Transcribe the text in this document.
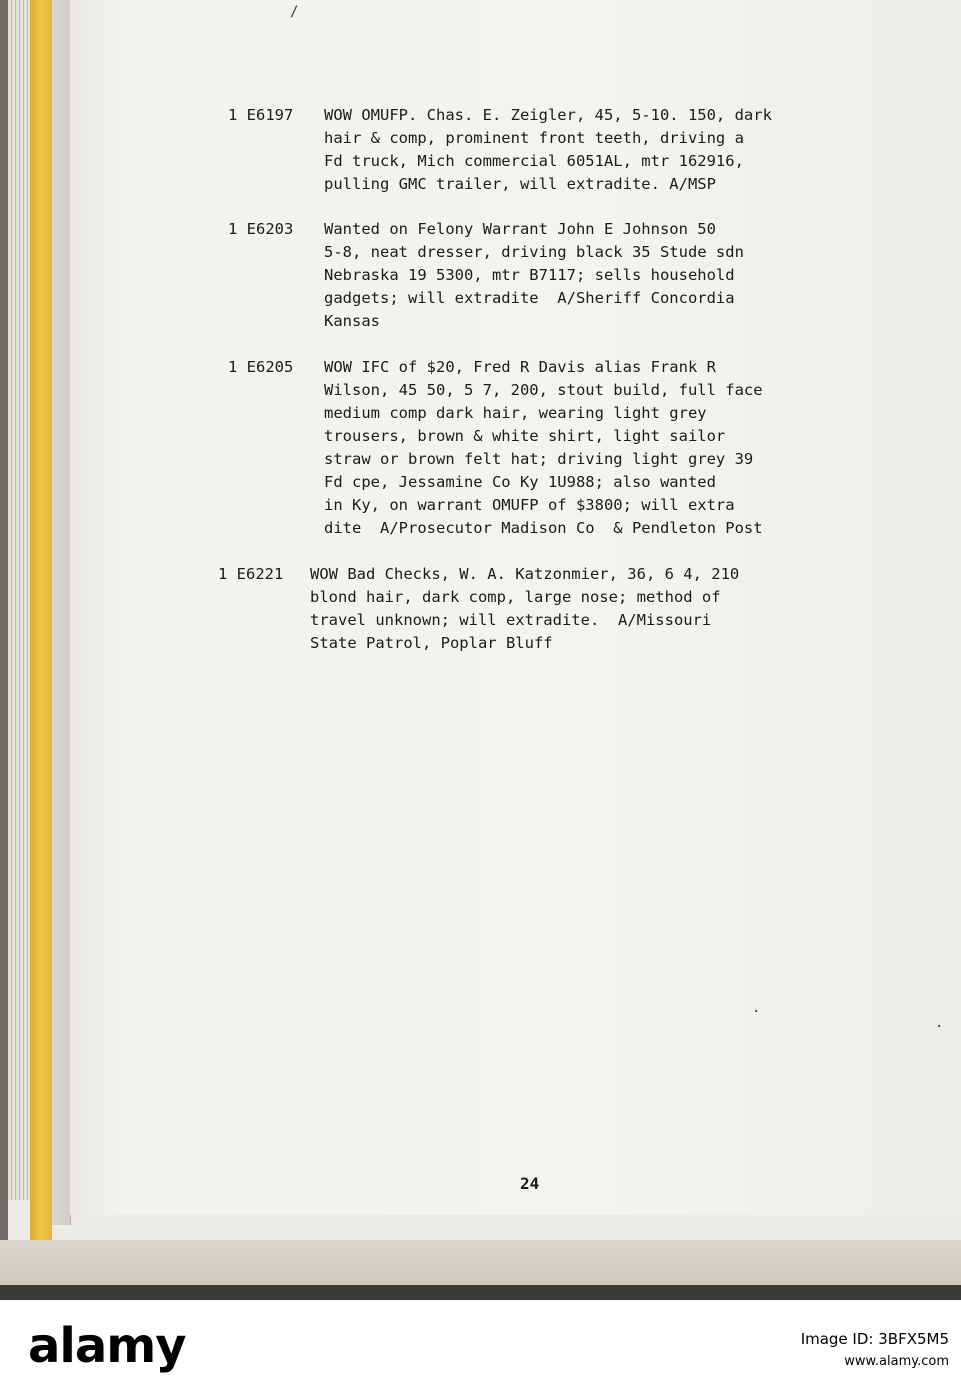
/
.
·
1 E6197 WOW OMUFP. Chas. E. Zeigler, 45, 5-10. 150, dark
hair & comp, prominent front teeth, driving a
Fd truck, Mich commercial 6051AL, mtr 162916,
pulling GMC trailer, will extradite. A/MSP
1 E6203 Wanted on Felony Warrant John E Johnson 50
5-8, neat dresser, driving black 35 Stude sdn
Nebraska 19 5300, mtr B7117; sells household
gadgets; will extradite  A/Sheriff Concordia
Kansas
1 E6205 WOW IFC of $20, Fred R Davis alias Frank R
Wilson, 45 50, 5 7, 200, stout build, full face
medium comp dark hair, wearing light grey
trousers, brown & white shirt, light sailor
straw or brown felt hat; driving light grey 39
Fd cpe, Jessamine Co Ky 1U988; also wanted
in Ky, on warrant OMUFP of $3800; will extra
dite  A/Prosecutor Madison Co  & Pendleton Post
1 E6221 WOW Bad Checks, W. A. Katzonmier, 36, 6 4, 210
blond hair, dark comp, large nose; method of
travel unknown; will extradite.  A/Missouri
State Patrol, Poplar Bluff
24
alamy	Image ID: 3BFX5M5
www.alamy.com
